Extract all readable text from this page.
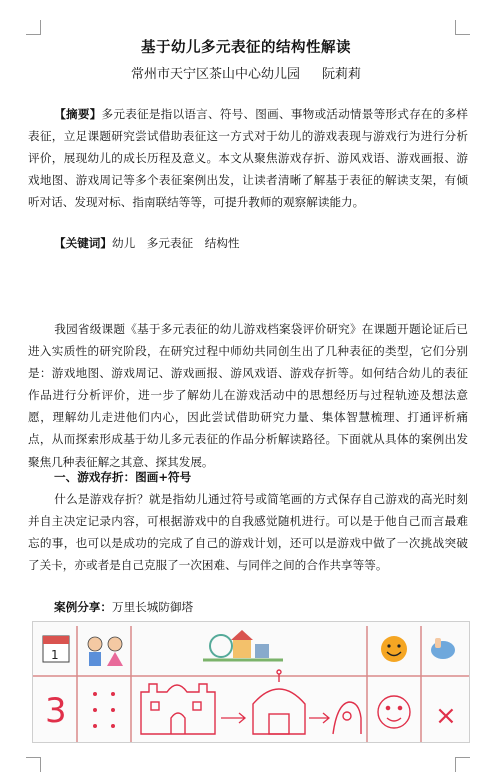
基于幼儿多元表征的结构性解读
常州市天宁区茶山中心幼儿园 阮莉莉

【摘要】多元表征是指以语言、符号、图画、事物或活动情景等形式存在的多样表征，立足课题研究尝试借助表征这一方式对于幼儿的游戏表现与游戏行为进行分析评价，展现幼儿的成长历程及意义。本文从聚焦游戏存折、游风戏语、游戏画报、游戏地图、游戏周记等多个表征案例出发，让读者清晰了解基于表征的解读支架，有倾听对话、发现对标、指南联结等等，可提升教师的观察解读能力。

【关键词】幼儿　多元表征　结构性

我园省级课题《基于多元表征的幼儿游戏档案袋评价研究》在课题开题论证后已进入实质性的研究阶段，在研究过程中师幼共同创生出了几种表征的类型，它们分别是：游戏地图、游戏周记、游戏画报、游风戏语、游戏存折等。如何结合幼儿的表征作品进行分析评价，进一步了解幼儿在游戏活动中的思想经历与过程轨迹及想法意愿，理解幼儿走进他们内心，因此尝试借助研究力量、集体智慧梳理、打通评析痛点，从而探索形成基于幼儿多元表征的作品分析解读路径。下面就从具体的案例出发聚焦几种表征解之其意、探其发展。

一、游戏存折：图画+符号

什么是游戏存折？就是指幼儿通过符号或简笔画的方式保存自己游戏的高光时刻并自主决定记录内容，可根据游戏中的自我感觉随机进行。可以是于他自己而言最难忘的事，也可以是成功的完成了自己的游戏计划，还可以是游戏中做了一次挑战突破了关卡，亦或者是自己克服了一次困难、与同伴之间的合作共享等等。

案例分享：万里长城防御塔
1
3	×
